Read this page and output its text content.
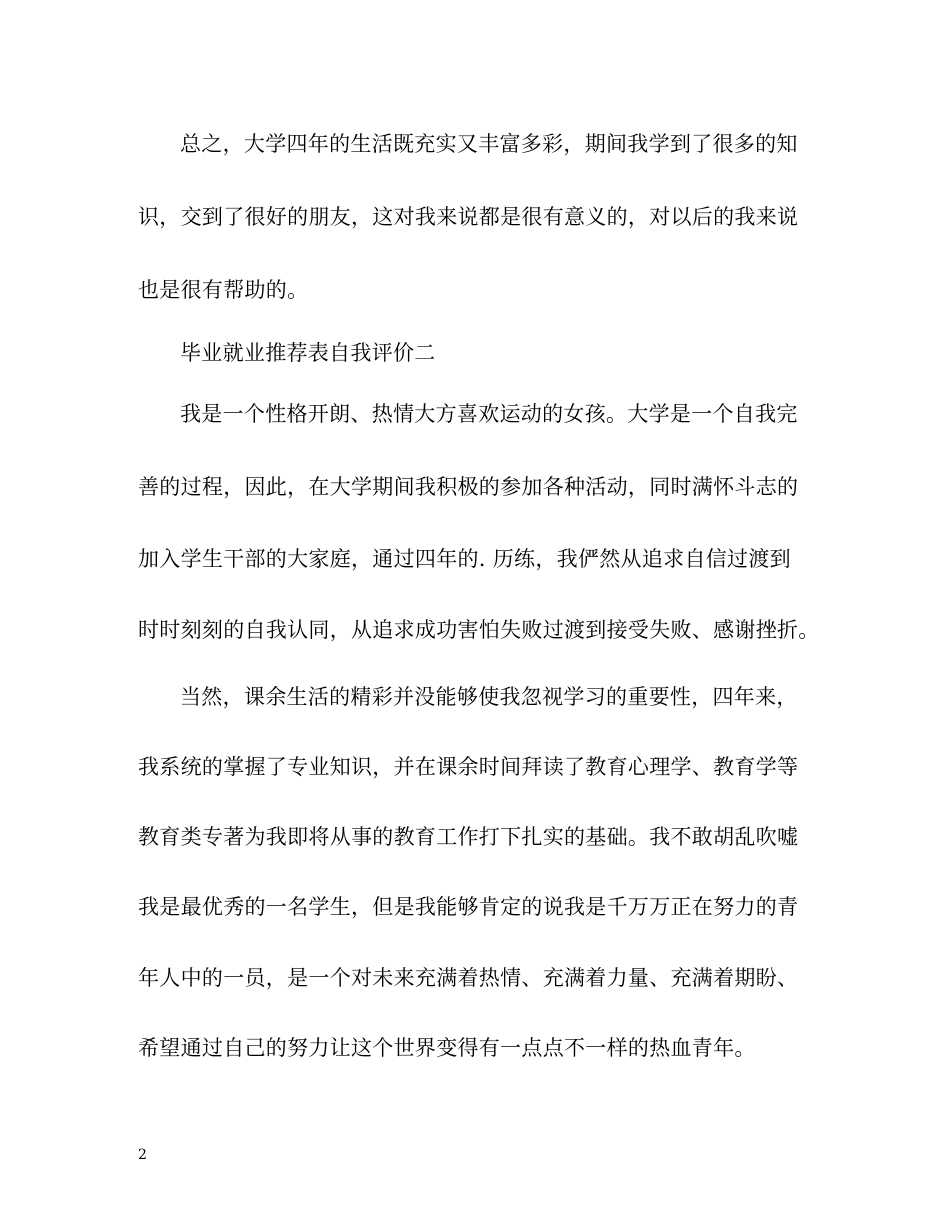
总之，大学四年的生活既充实又丰富多彩，期间我学到了很多的知
识，交到了很好的朋友，这对我来说都是很有意义的，对以后的我来说
也是很有帮助的。
毕业就业推荐表自我评价二
我是一个性格开朗、热情大方喜欢运动的女孩。大学是一个自我完
善的过程，因此，在大学期间我积极的参加各种活动，同时满怀斗志的
加入学生干部的大家庭，通过四年的. 历练，我俨然从追求自信过渡到
时时刻刻的自我认同，从追求成功害怕失败过渡到接受失败、感谢挫折。
当然，课余生活的精彩并没能够使我忽视学习的重要性，四年来，
我系统的掌握了专业知识，并在课余时间拜读了教育心理学、教育学等
教育类专著为我即将从事的教育工作打下扎实的基础。我不敢胡乱吹嘘
我是最优秀的一名学生，但是我能够肯定的说我是千万万正在努力的青
年人中的一员，是一个对未来充满着热情、充满着力量、充满着期盼、
希望通过自己的努力让这个世界变得有一点点不一样的热血青年。
2
